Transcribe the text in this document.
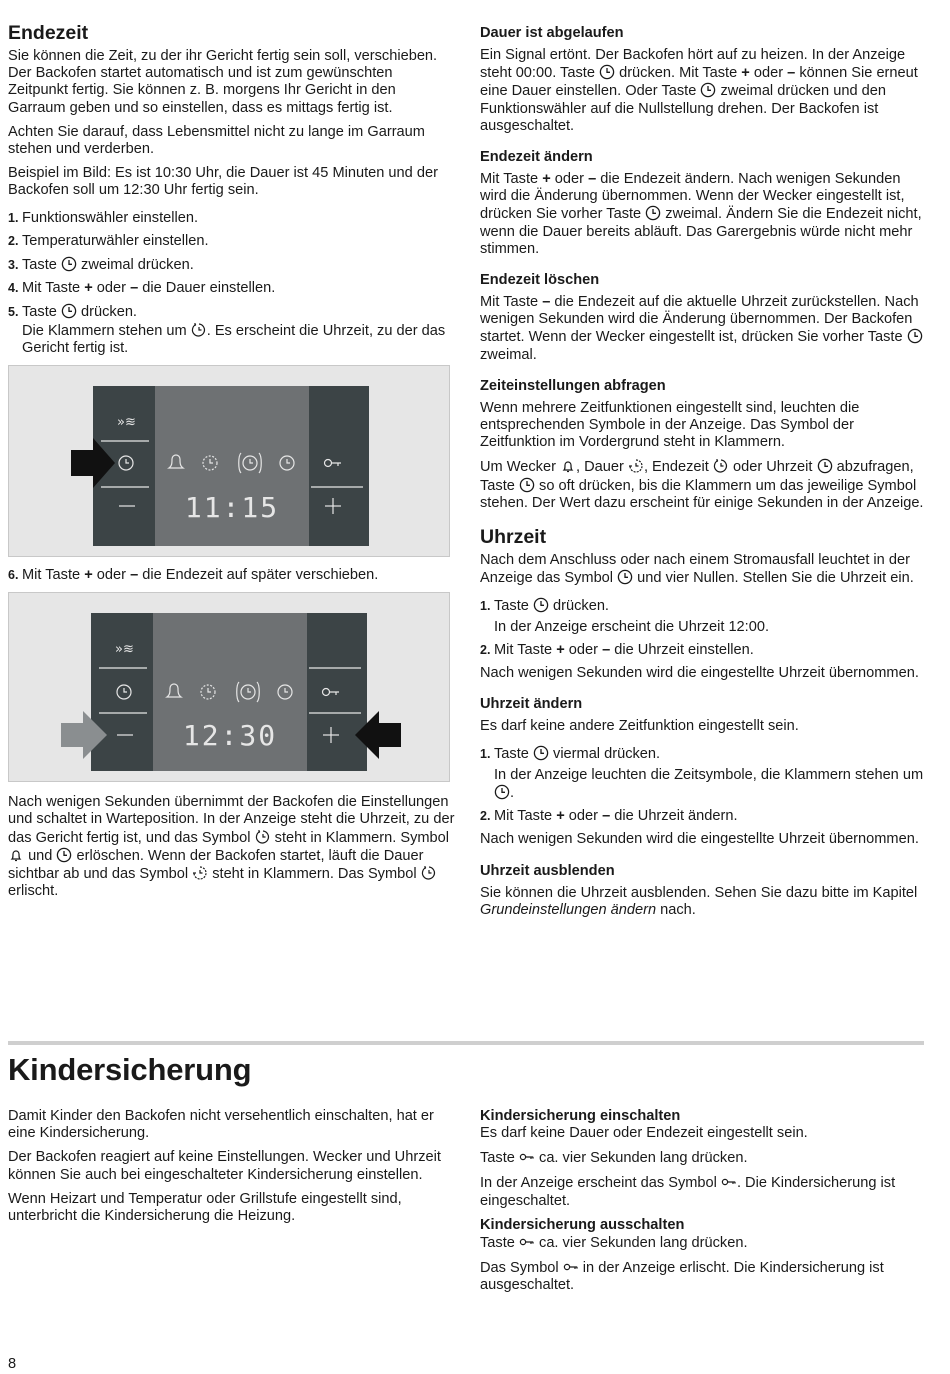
Endezeit

Sie können die Zeit, zu der ihr Gericht fertig sein soll, verschieben. Der Backofen startet automatisch und ist zum gewünschten Zeitpunkt fertig. Sie können z. B. morgens Ihr Gericht in den Garraum geben und so einstellen, dass es mittags fertig ist.

Achten Sie darauf, dass Lebensmittel nicht zu lange im Garraum stehen und verderben.

Beispiel im Bild: Es ist 10:30 Uhr, die Dauer ist 45 Minuten und der Backofen soll um 12:30 Uhr fertig sein.

1. Funktionswähler einstellen.
2. Temperaturwähler einstellen.
3. Taste zweimal drücken.
4. Mit Taste + oder – die Dauer einstellen.
5. Taste drücken.
Die Klammern stehen um . Es erscheint die Uhrzeit, zu der das Gericht fertig ist.
»≋
11:15
6. Mit Taste + oder – die Endezeit auf später verschieben.
»≋
12:30

Nach wenigen Sekunden übernimmt der Backofen die Einstellungen und schaltet in Warteposition. In der Anzeige steht die Uhrzeit, zu der das Gericht fertig ist, und das Symbol steht in Klammern. Symbol
und erlöschen. Wenn der Backofen startet, läuft die Dauer sichtbar ab und das Symbol steht in Klammern. Das Symbol
erlischt.

Dauer ist abgelaufen

Ein Signal ertönt. Der Backofen hört auf zu heizen. In der Anzeige steht 00:00. Taste drücken. Mit Taste + oder – können Sie erneut eine Dauer einstellen. Oder Taste zweimal drücken und den Funktionswähler auf die Nullstellung drehen. Der Backofen ist ausgeschaltet.

Endezeit ändern

Mit Taste + oder – die Endezeit ändern. Nach wenigen Sekunden wird die Änderung übernommen. Wenn der Wecker eingestellt ist, drücken Sie vorher Taste zweimal. Ändern Sie die Endezeit nicht, wenn die Dauer bereits abläuft. Das Garergebnis würde nicht mehr stimmen.

Endezeit löschen

Mit Taste – die Endezeit auf die aktuelle Uhrzeit zurückstellen. Nach wenigen Sekunden wird die Änderung übernommen. Der Backofen startet. Wenn der Wecker eingestellt ist, drücken Sie vorher Taste
zweimal.

Zeiteinstellungen abfragen

Wenn mehrere Zeitfunktionen eingestellt sind, leuchten die entsprechenden Symbole in der Anzeige. Das Symbol der Zeitfunktion im Vordergrund steht in Klammern.

Um Wecker , Dauer , Endezeit oder Uhrzeit abzufragen, Taste so oft drücken, bis die Klammern um das jeweilige Symbol stehen. Der Wert dazu erscheint für einige Sekunden in der Anzeige.

Uhrzeit

Nach dem Anschluss oder nach einem Stromausfall leuchtet in der Anzeige das Symbol und vier Nullen. Stellen Sie die Uhrzeit ein.

1. Taste drücken.
In der Anzeige erscheint die Uhrzeit 12:00.
2. Mit Taste + oder – die Uhrzeit einstellen.

Nach wenigen Sekunden wird die eingestellte Uhrzeit übernommen.

Uhrzeit ändern

Es darf keine andere Zeitfunktion eingestellt sein.

1. Taste viermal drücken.
In der Anzeige leuchten die Zeitsymbole, die Klammern stehen um
.
2. Mit Taste + oder – die Uhrzeit ändern.

Nach wenigen Sekunden wird die eingestellte Uhrzeit übernommen.

Uhrzeit ausblenden

Sie können die Uhrzeit ausblenden. Sehen Sie dazu bitte im Kapitel Grundeinstellungen ändern nach.

Kindersicherung

Damit Kinder den Backofen nicht versehentlich einschalten, hat er eine Kindersicherung.

Der Backofen reagiert auf keine Einstellungen. Wecker und Uhrzeit können Sie auch bei eingeschalteter Kindersicherung einstellen.

Wenn Heizart und Temperatur oder Grillstufe eingestellt sind, unterbricht die Kindersicherung die Heizung.

Kindersicherung einschalten

Es darf keine Dauer oder Endezeit eingestellt sein.

Taste ca. vier Sekunden lang drücken.

In der Anzeige erscheint das Symbol . Die Kindersicherung ist eingeschaltet.

Kindersicherung ausschalten

Taste ca. vier Sekunden lang drücken.

Das Symbol in der Anzeige erlischt. Die Kindersicherung ist ausgeschaltet.

8
